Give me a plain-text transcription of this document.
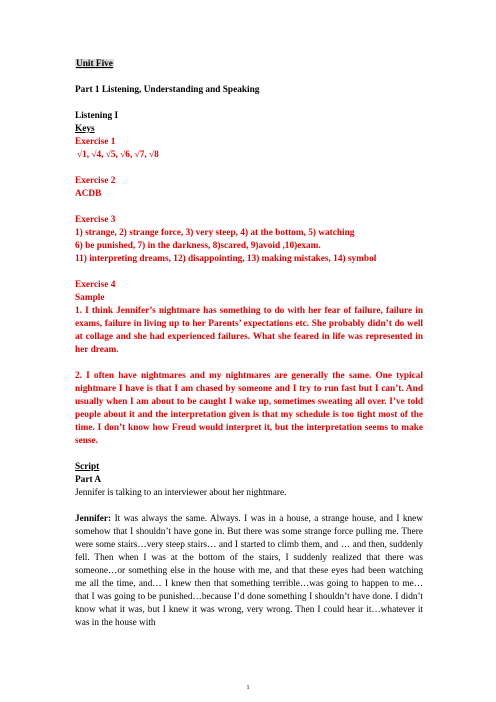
Unit Five

Part 1 Listening, Understanding and Speaking

Listening I

Keys

Exercise 1

√1, √4, √5, √6, √7, √8

Exercise 2

ACDB

Exercise 3

1) strange, 2) strange force, 3) very steep, 4) at the bottom, 5) watching

6) be punished, 7) in the darkness, 8)scared, 9)avoid ,10)exam.

11) interpreting dreams, 12) disappointing, 13) making mistakes, 14) symbol

Exercise 4

Sample

1. I think Jennifer’s nightmare has something to do with her fear of failure, failure in exams, failure in living up to her Parents’ expectations etc. She probably didn’t do well at collage and she had experienced failures. What she feared in life was represented in her dream.

2. I often have nightmares and my nightmares are generally the same. One typical nightmare I have is that I am chased by someone and I try to run fast but I can’t. And usually when I am about to be caught I wake up, sometimes sweating all over. I’ve told people about it and the interpretation given is that my schedule is too tight most of the time. I don’t know how Freud would interpret it, but the interpretation seems to make sense.

Script

Part A

Jennifer is talking to an interviewer about her nightmare.

Jennifer: It was always the same. Always. I was in a house, a strange house, and I knew somehow that I shouldn’t have gone in. But there was some strange force pulling me. There were some stairs…very steep stairs… and I started to climb them, and … and then, suddenly fell. Then when I was at the bottom of the stairs, I suddenly realized that there was someone…or something else in the house with me, and that these eyes had been watching me all the time, and… I knew then that something terrible…was going to happen to me…that I was going to be punished…because I’d done something I shouldn’t have done. I didn’t know what it was, but I knew it was wrong, very wrong. Then I could hear it…whatever it was in the house with

1
